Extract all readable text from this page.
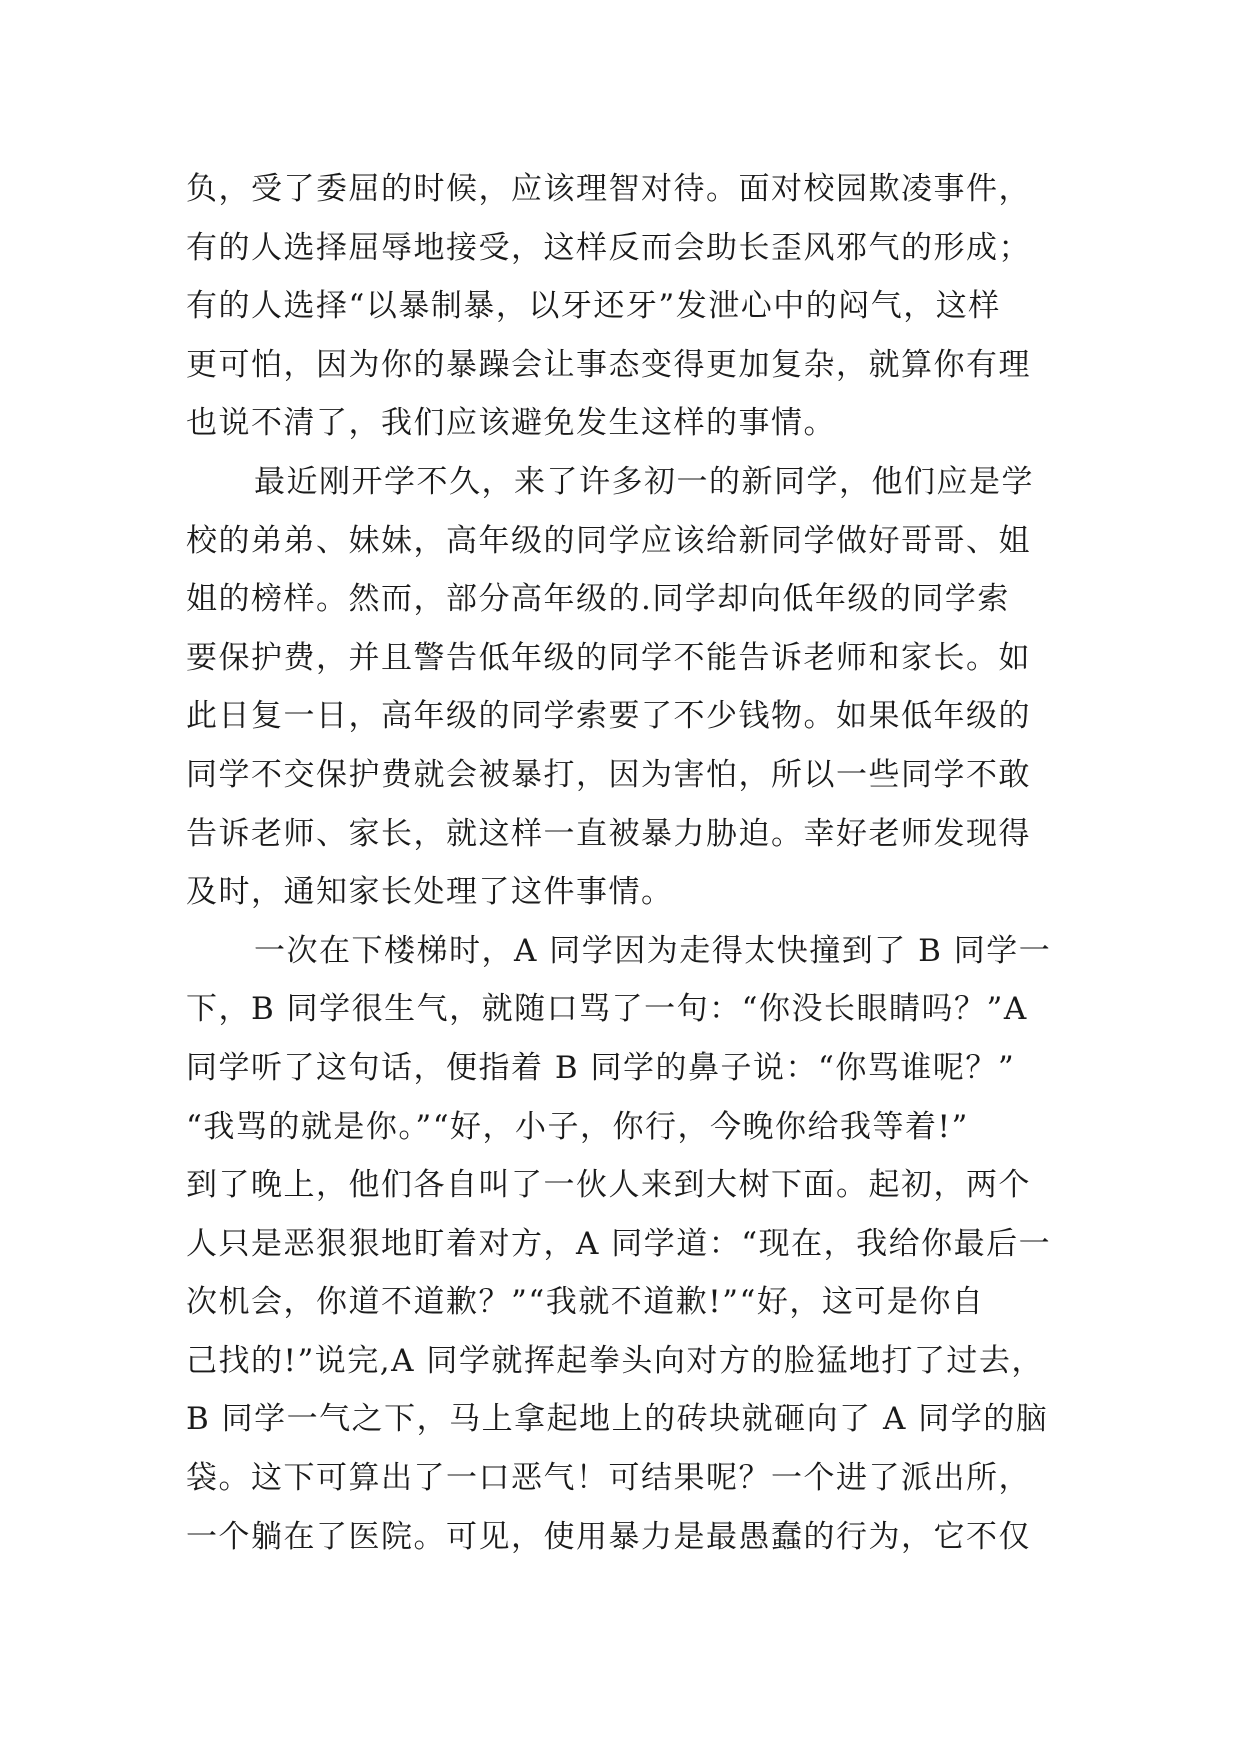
负，受了委屈的时候，应该理智对待。面对校园欺凌事件，
有的人选择屈辱地接受，这样反而会助长歪风邪气的形成；
有的人选择“以暴制暴，以牙还牙”发泄心中的闷气，这样
更可怕，因为你的暴躁会让事态变得更加复杂，就算你有理
也说不清了，我们应该避免发生这样的事情。
最近刚开学不久，来了许多初一的新同学，他们应是学
校的弟弟、妹妹，高年级的同学应该给新同学做好哥哥、姐
姐的榜样。然而，部分高年级的.同学却向低年级的同学索
要保护费，并且警告低年级的同学不能告诉老师和家长。如
此日复一日，高年级的同学索要了不少钱物。如果低年级的
同学不交保护费就会被暴打，因为害怕，所以一些同学不敢
告诉老师、家长，就这样一直被暴力胁迫。幸好老师发现得
及时，通知家长处理了这件事情。
一次在下楼梯时，A 同学因为走得太快撞到了 B 同学一
下，B 同学很生气，就随口骂了一句：“你没长眼睛吗？”A
同学听了这句话，便指着 B 同学的鼻子说：“你骂谁呢？”
“我骂的就是你。”“好，小子，你行，今晚你给我等着!”
到了晚上，他们各自叫了一伙人来到大树下面。起初，两个
人只是恶狠狠地盯着对方，A 同学道：“现在，我给你最后一
次机会，你道不道歉？”“我就不道歉!”“好，这可是你自
己找的!”说完,A 同学就挥起拳头向对方的脸猛地打了过去，
B 同学一气之下，马上拿起地上的砖块就砸向了 A 同学的脑
袋。这下可算出了一口恶气！可结果呢？一个进了派出所，
一个躺在了医院。可见，使用暴力是最愚蠢的行为，它不仅
